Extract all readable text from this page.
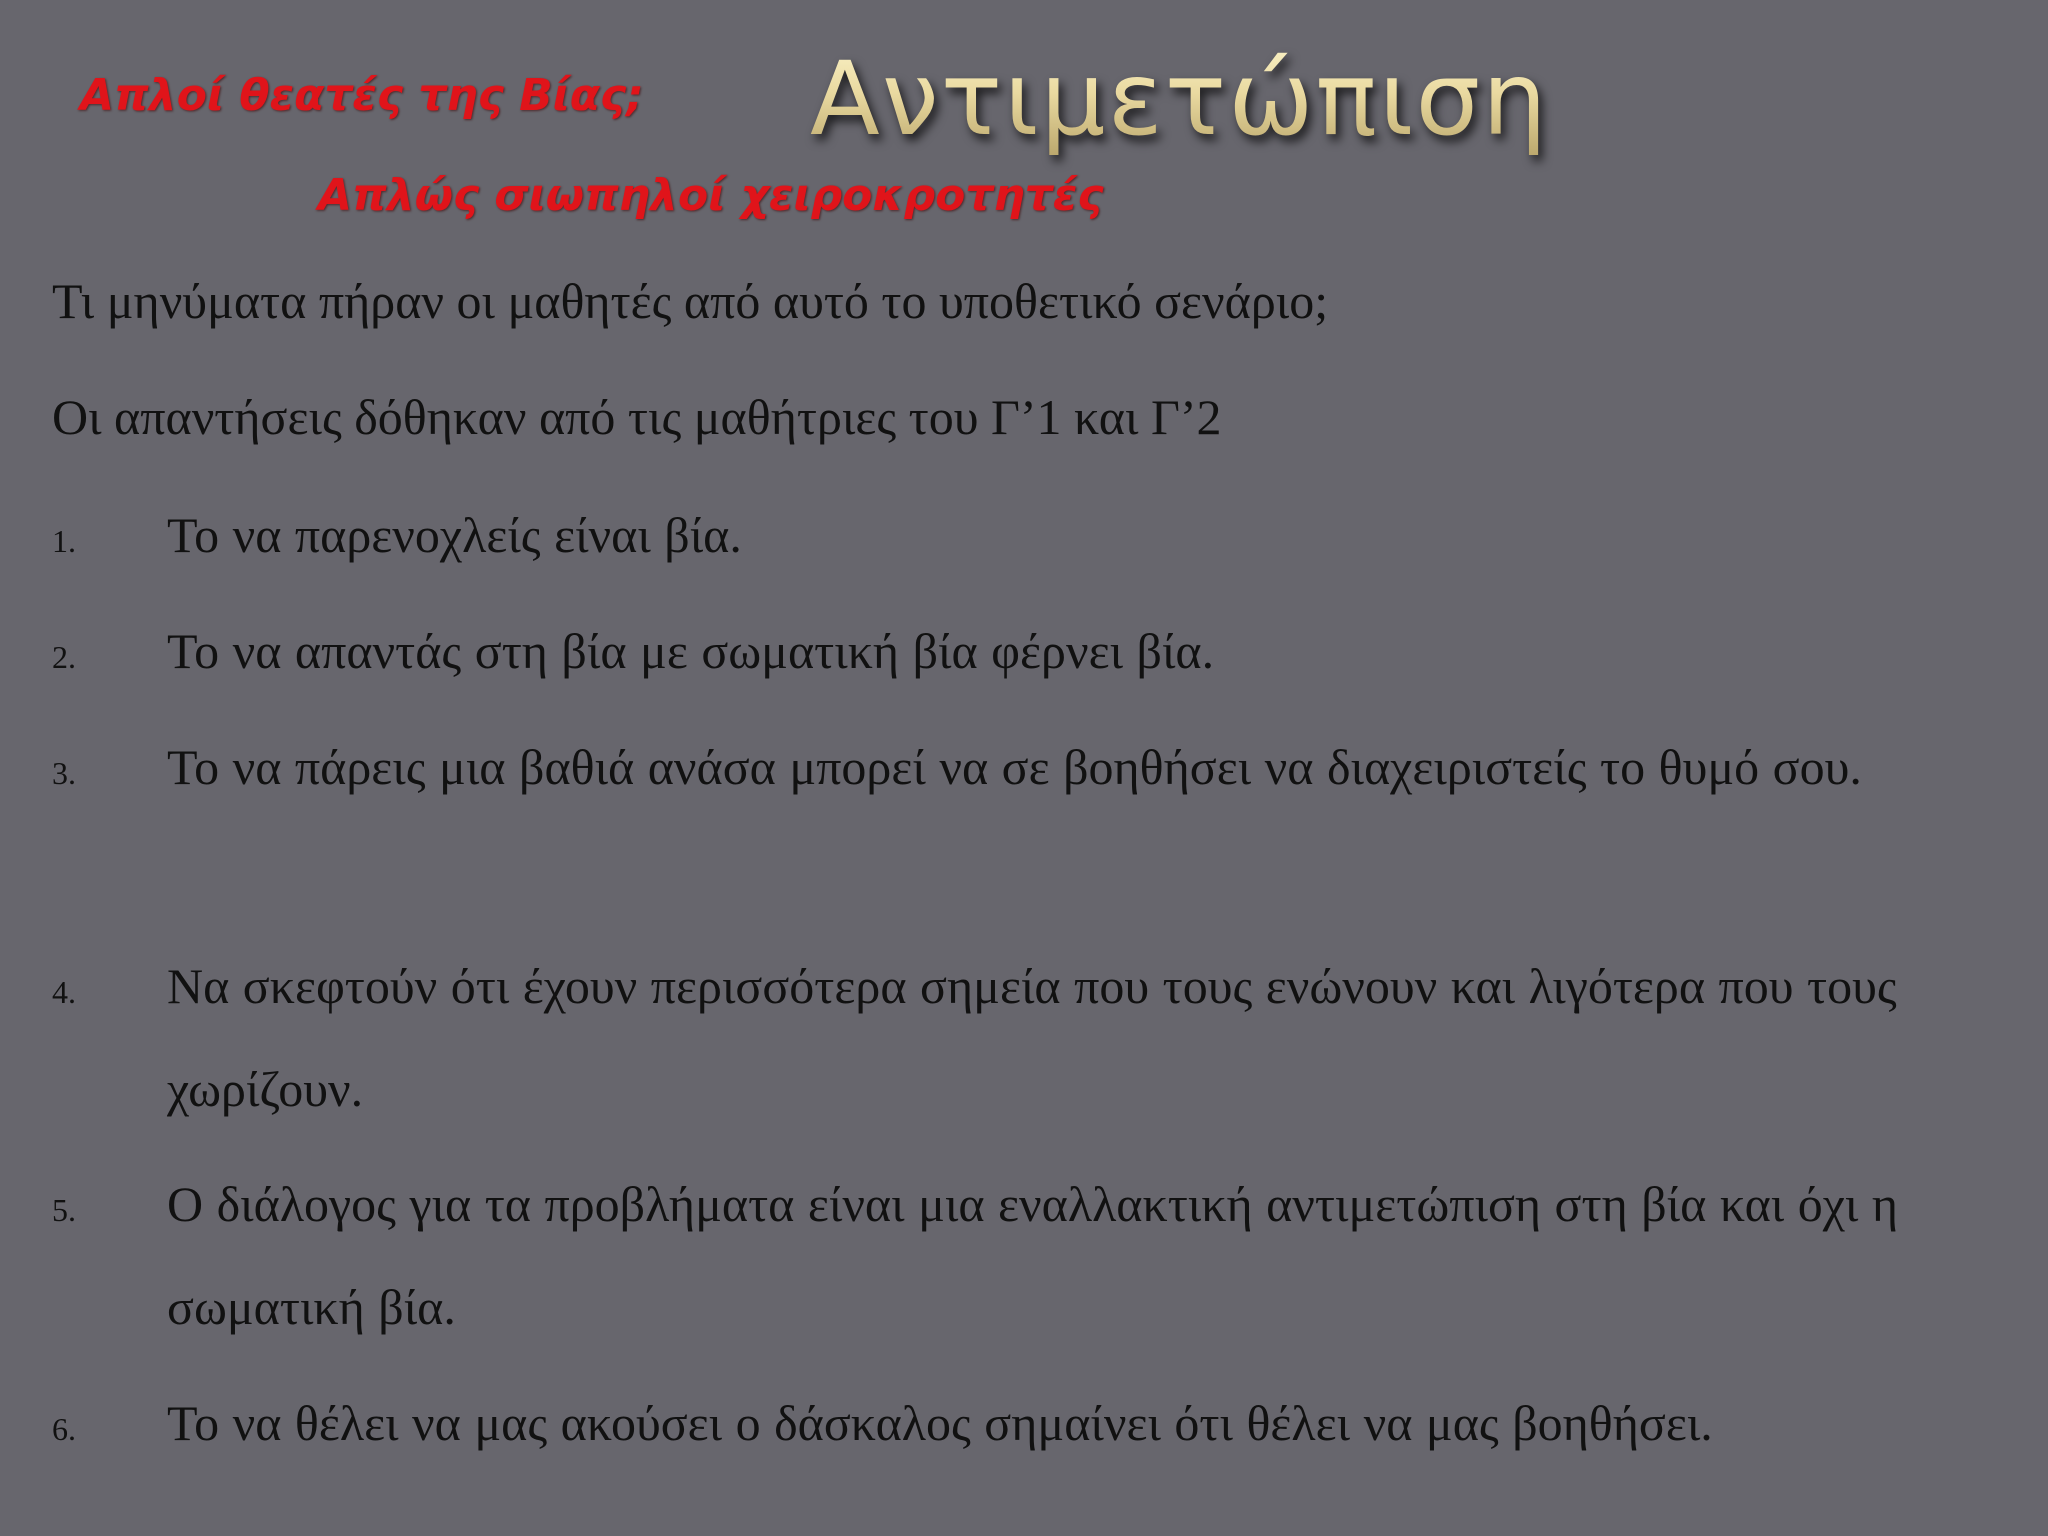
Απλοί θεατές της Βίας; Αντιμετώπιση
Απλώς σιωπηλοί χειροκροτητές
Τι μηνύματα πήραν οι μαθητές από αυτό το υποθετικό σενάριο;
Οι απαντήσεις δόθηκαν από τις μαθήτριες του Γ’1 και Γ’2
1. Το να παρενοχλείς είναι βία.
2. Το να απαντάς στη βία με σωματική βία φέρνει βία.
3. Το να πάρεις μια βαθιά ανάσα μπορεί να σε βοηθήσει να διαχειριστείς το θυμό σου.
4. Να σκεφτούν ότι έχουν περισσότερα σημεία που τους ενώνουν και λιγότερα που τους χωρίζουν.
5. Ο διάλογος για τα προβλήματα είναι μια εναλλακτική αντιμετώπιση στη βία και όχι η σωματική βία.
6. Το να θέλει να μας ακούσει ο δάσκαλος σημαίνει ότι θέλει να μας βοηθήσει.
